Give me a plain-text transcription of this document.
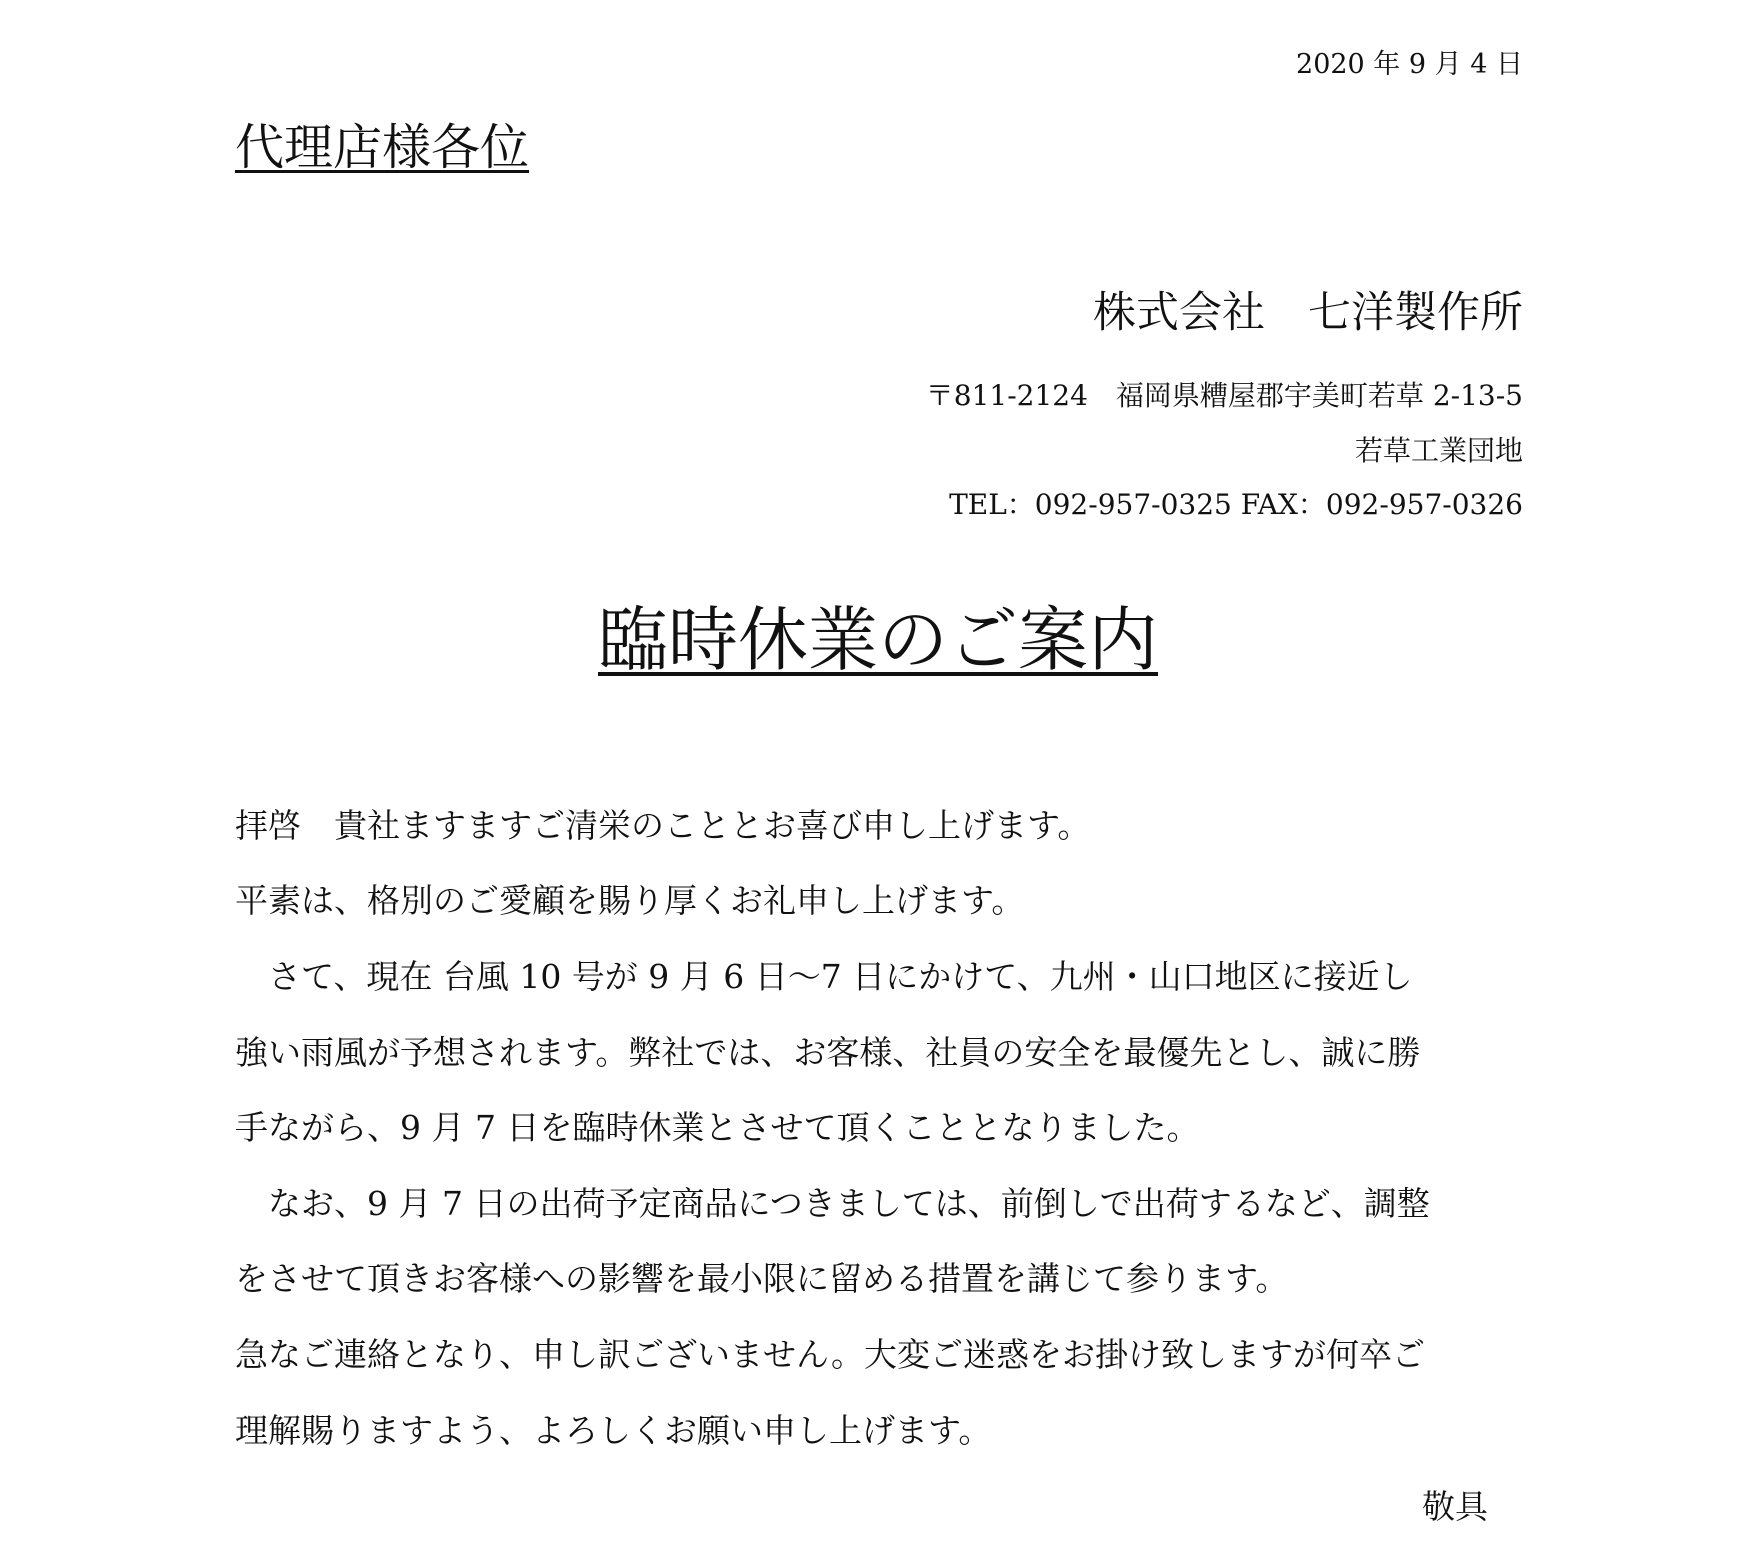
2020 年 9 月 4 日
代理店様各位
株式会社　七洋製作所
〒811-2124　福岡県糟屋郡宇美町若草 2-13-5
若草工業団地
TEL：092-957-0325 FAX：092-957-0326
臨時休業のご案内
拝啓　貴社ますますご清栄のこととお喜び申し上げます。
平素は、格別のご愛顧を賜り厚くお礼申し上げます。
　さて、現在 台風 10 号が 9 月 6 日〜7 日にかけて、九州・山口地区に接近し
強い雨風が予想されます。弊社では、お客様、社員の安全を最優先とし、誠に勝
手ながら、9 月 7 日を臨時休業とさせて頂くこととなりました。
　なお、9 月 7 日の出荷予定商品につきましては、前倒しで出荷するなど、調整
をさせて頂きお客様への影響を最小限に留める措置を講じて参ります。
急なご連絡となり、申し訳ございません。大変ご迷惑をお掛け致しますが何卒ご
理解賜りますよう、よろしくお願い申し上げます。
敬具
